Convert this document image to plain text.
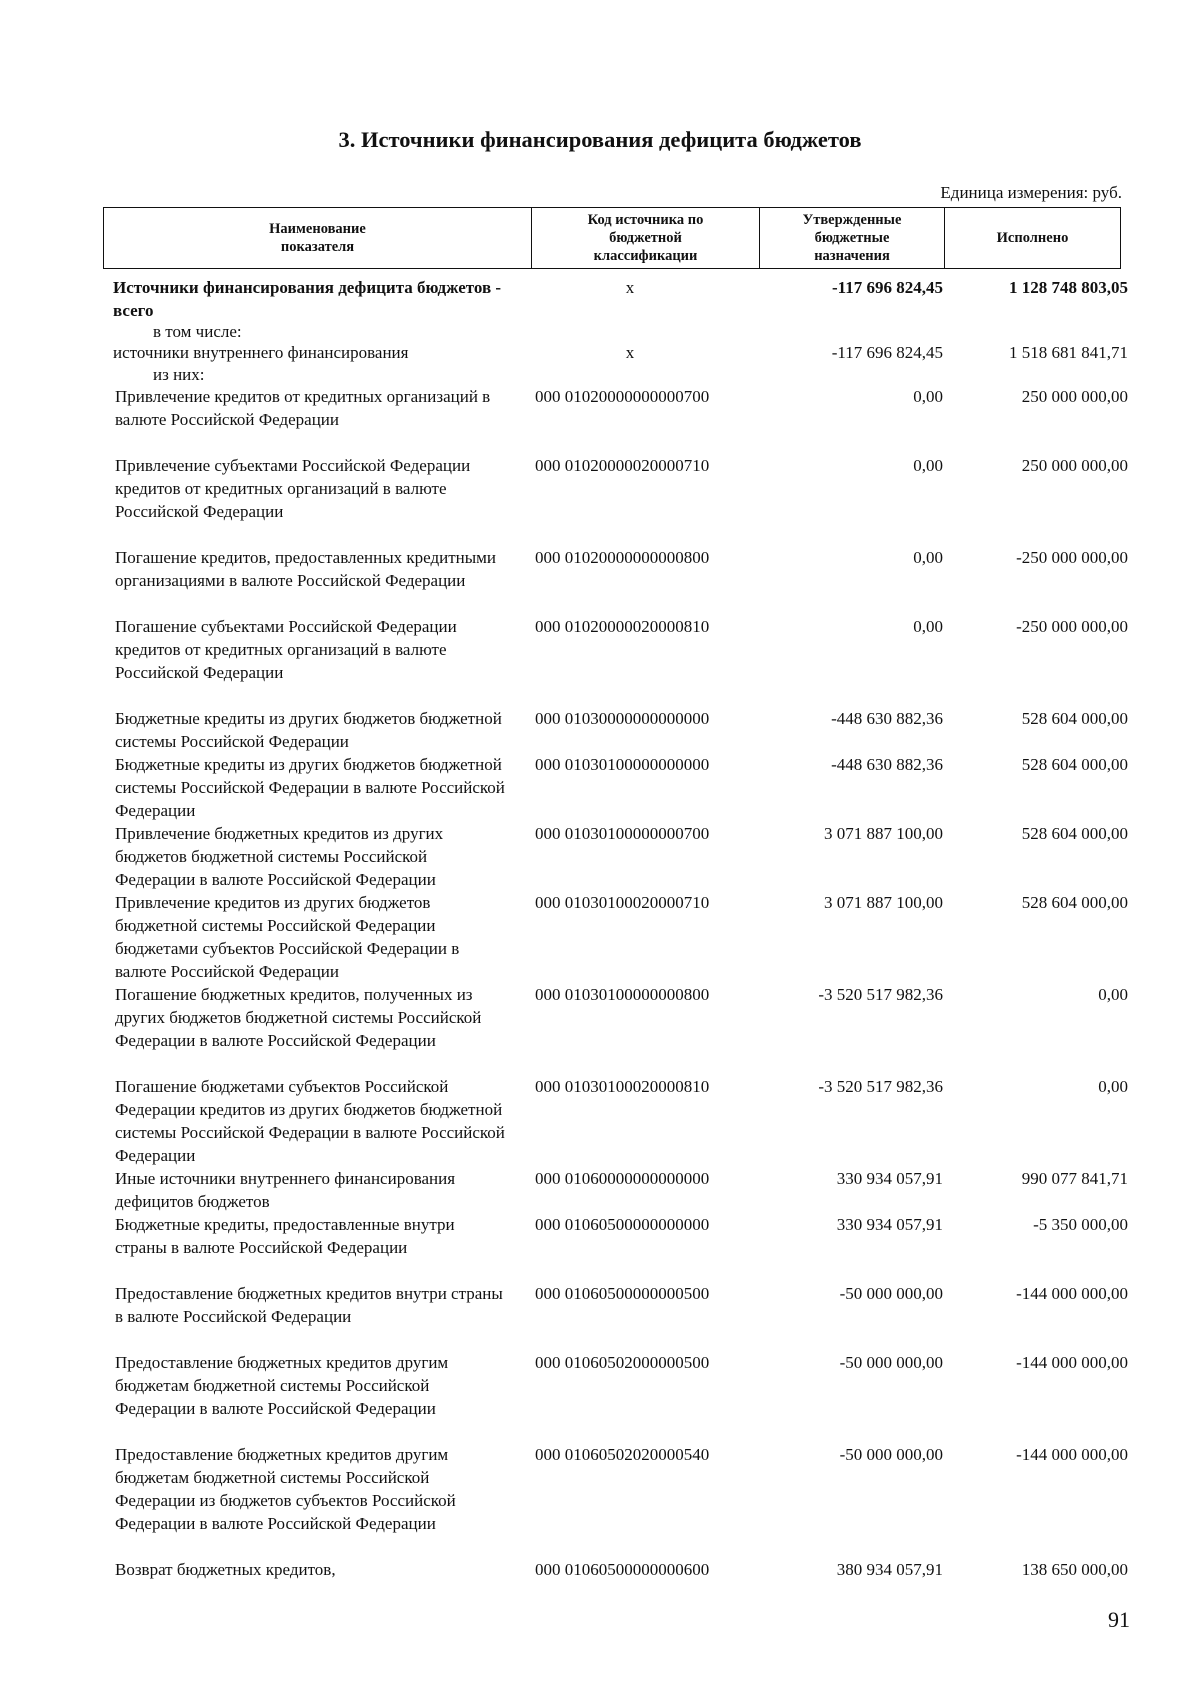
3. Источники финансирования дефицита бюджетов
Единица измерения: руб.
Наименование показателя
Код источника по бюджетной классификации
Утвержденные бюджетные назначения
Исполнено
Источники финансирования дефицита бюджетов - всего
x	-117 696 824,45	1 128 748 803,05
в том числе:
источники внутреннего финансирования	x	-117 696 824,45	1 518 681 841,71
из них:
Привлечение кредитов от кредитных организаций в валюте Российской Федерации
000 01020000000000700	0,00	250 000 000,00
Привлечение субъектами Российской Федерации кредитов от кредитных организаций в валюте Российской Федерации
000 01020000020000710	0,00	250 000 000,00
Погашение кредитов, предоставленных кредитными организациями в валюте Российской Федерации
000 01020000000000800	0,00	-250 000 000,00
Погашение субъектами Российской Федерации кредитов от кредитных организаций в валюте Российской Федерации
000 01020000020000810	0,00	-250 000 000,00
Бюджетные кредиты из других бюджетов бюджетной системы Российской Федерации
000 01030000000000000	-448 630 882,36	528 604 000,00
Бюджетные кредиты из других бюджетов бюджетной системы Российской Федерации в валюте Российской Федерации
000 01030100000000000	-448 630 882,36	528 604 000,00
Привлечение бюджетных кредитов из других бюджетов бюджетной системы Российской Федерации в валюте Российской Федерации
000 01030100000000700	3 071 887 100,00	528 604 000,00
Привлечение кредитов из других бюджетов бюджетной системы Российской Федерации бюджетами субъектов Российской Федерации в валюте Российской Федерации
000 01030100020000710	3 071 887 100,00	528 604 000,00
Погашение бюджетных кредитов, полученных из других бюджетов бюджетной системы Российской Федерации в валюте Российской Федерации
000 01030100000000800	-3 520 517 982,36	0,00
Погашение бюджетами субъектов Российской Федерации кредитов из других бюджетов бюджетной системы Российской Федерации в валюте Российской Федерации
000 01030100020000810	-3 520 517 982,36	0,00
Иные источники внутреннего финансирования дефицитов бюджетов
000 01060000000000000	330 934 057,91	990 077 841,71
Бюджетные кредиты, предоставленные внутри страны в валюте Российской Федерации
000 01060500000000000	330 934 057,91	-5 350 000,00
Предоставление бюджетных кредитов внутри страны в валюте Российской Федерации
000 01060500000000500	-50 000 000,00	-144 000 000,00
Предоставление бюджетных кредитов другим бюджетам бюджетной системы Российской Федерации в валюте Российской Федерации
000 01060502000000500	-50 000 000,00	-144 000 000,00
Предоставление бюджетных кредитов другим бюджетам бюджетной системы Российской Федерации из бюджетов субъектов Российской Федерации в валюте Российской Федерации
000 01060502020000540	-50 000 000,00	-144 000 000,00
Возврат бюджетных кредитов,	000 01060500000000600	380 934 057,91	138 650 000,00
91
